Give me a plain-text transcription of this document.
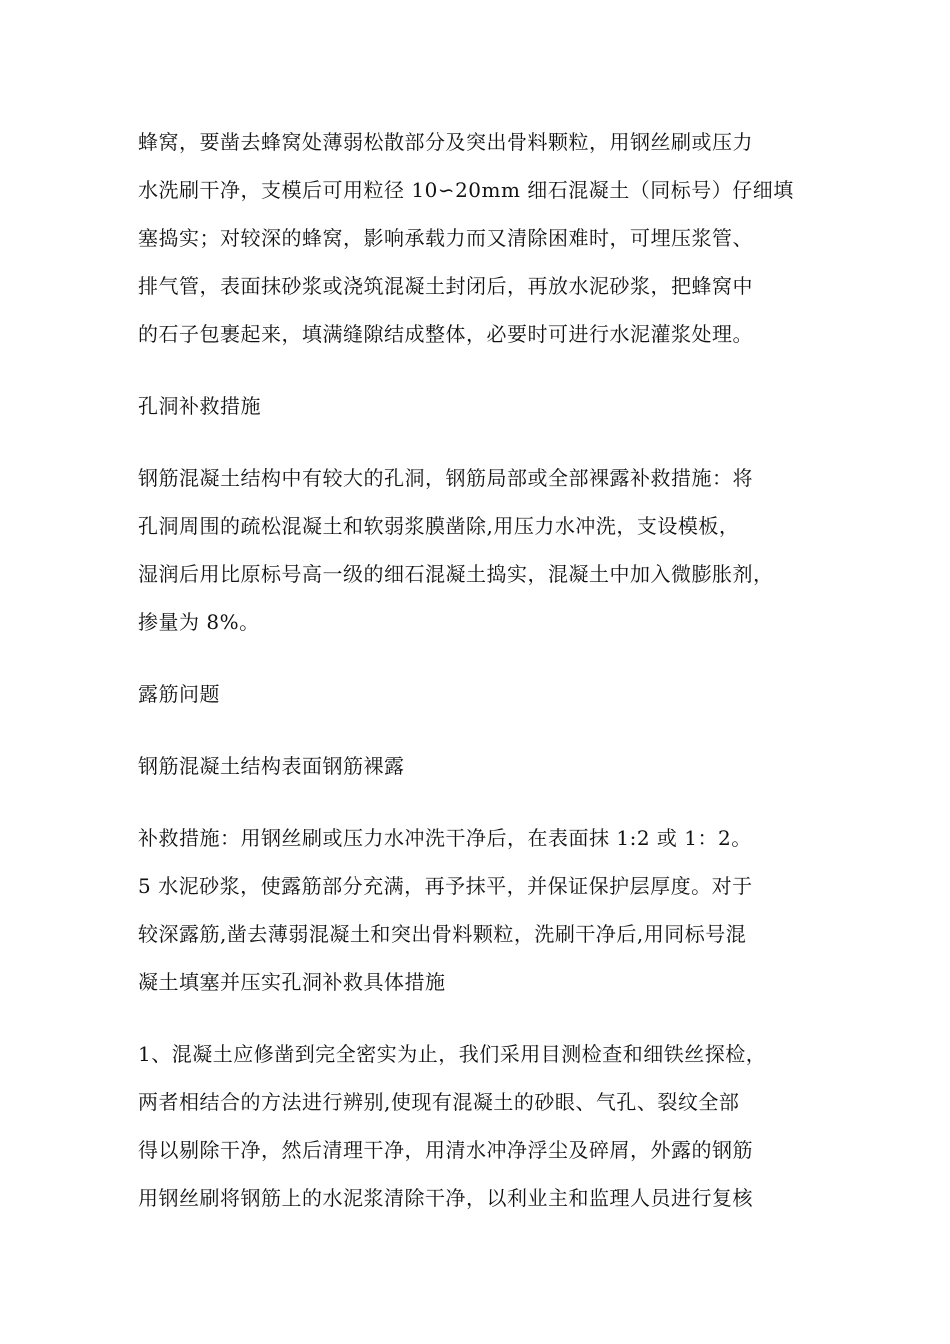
蜂窝，要凿去蜂窝处薄弱松散部分及突出骨料颗粒，用钢丝刷或压力
水洗刷干净，支模后可用粒径 10∽20mm 细石混凝土（同标号）仔细填
塞捣实；对较深的蜂窝，影响承载力而又清除困难时，可埋压浆管、
排气管，表面抹砂浆或浇筑混凝土封闭后，再放水泥砂浆，把蜂窝中
的石子包裹起来，填满缝隙结成整体，必要时可进行水泥灌浆处理。
孔洞补救措施
钢筋混凝土结构中有较大的孔洞，钢筋局部或全部裸露补救措施：将
孔洞周围的疏松混凝土和软弱浆膜凿除,用压力水冲洗，支设模板，
湿润后用比原标号高一级的细石混凝土捣实，混凝土中加入微膨胀剂，
掺量为 8%。
露筋问题
钢筋混凝土结构表面钢筋裸露
补救措施：用钢丝刷或压力水冲洗干净后，在表面抹 1:2 或 1：2。
5 水泥砂浆，使露筋部分充满，再予抹平，并保证保护层厚度。对于
较深露筋,凿去薄弱混凝土和突出骨料颗粒，洗刷干净后,用同标号混
凝土填塞并压实孔洞补救具体措施
1、混凝土应修凿到完全密实为止，我们采用目测检查和细铁丝探检，
两者相结合的方法进行辨别,使现有混凝土的砂眼、气孔、裂纹全部
得以剔除干净，然后清理干净，用清水冲净浮尘及碎屑，外露的钢筋
用钢丝刷将钢筋上的水泥浆清除干净，以利业主和监理人员进行复核
